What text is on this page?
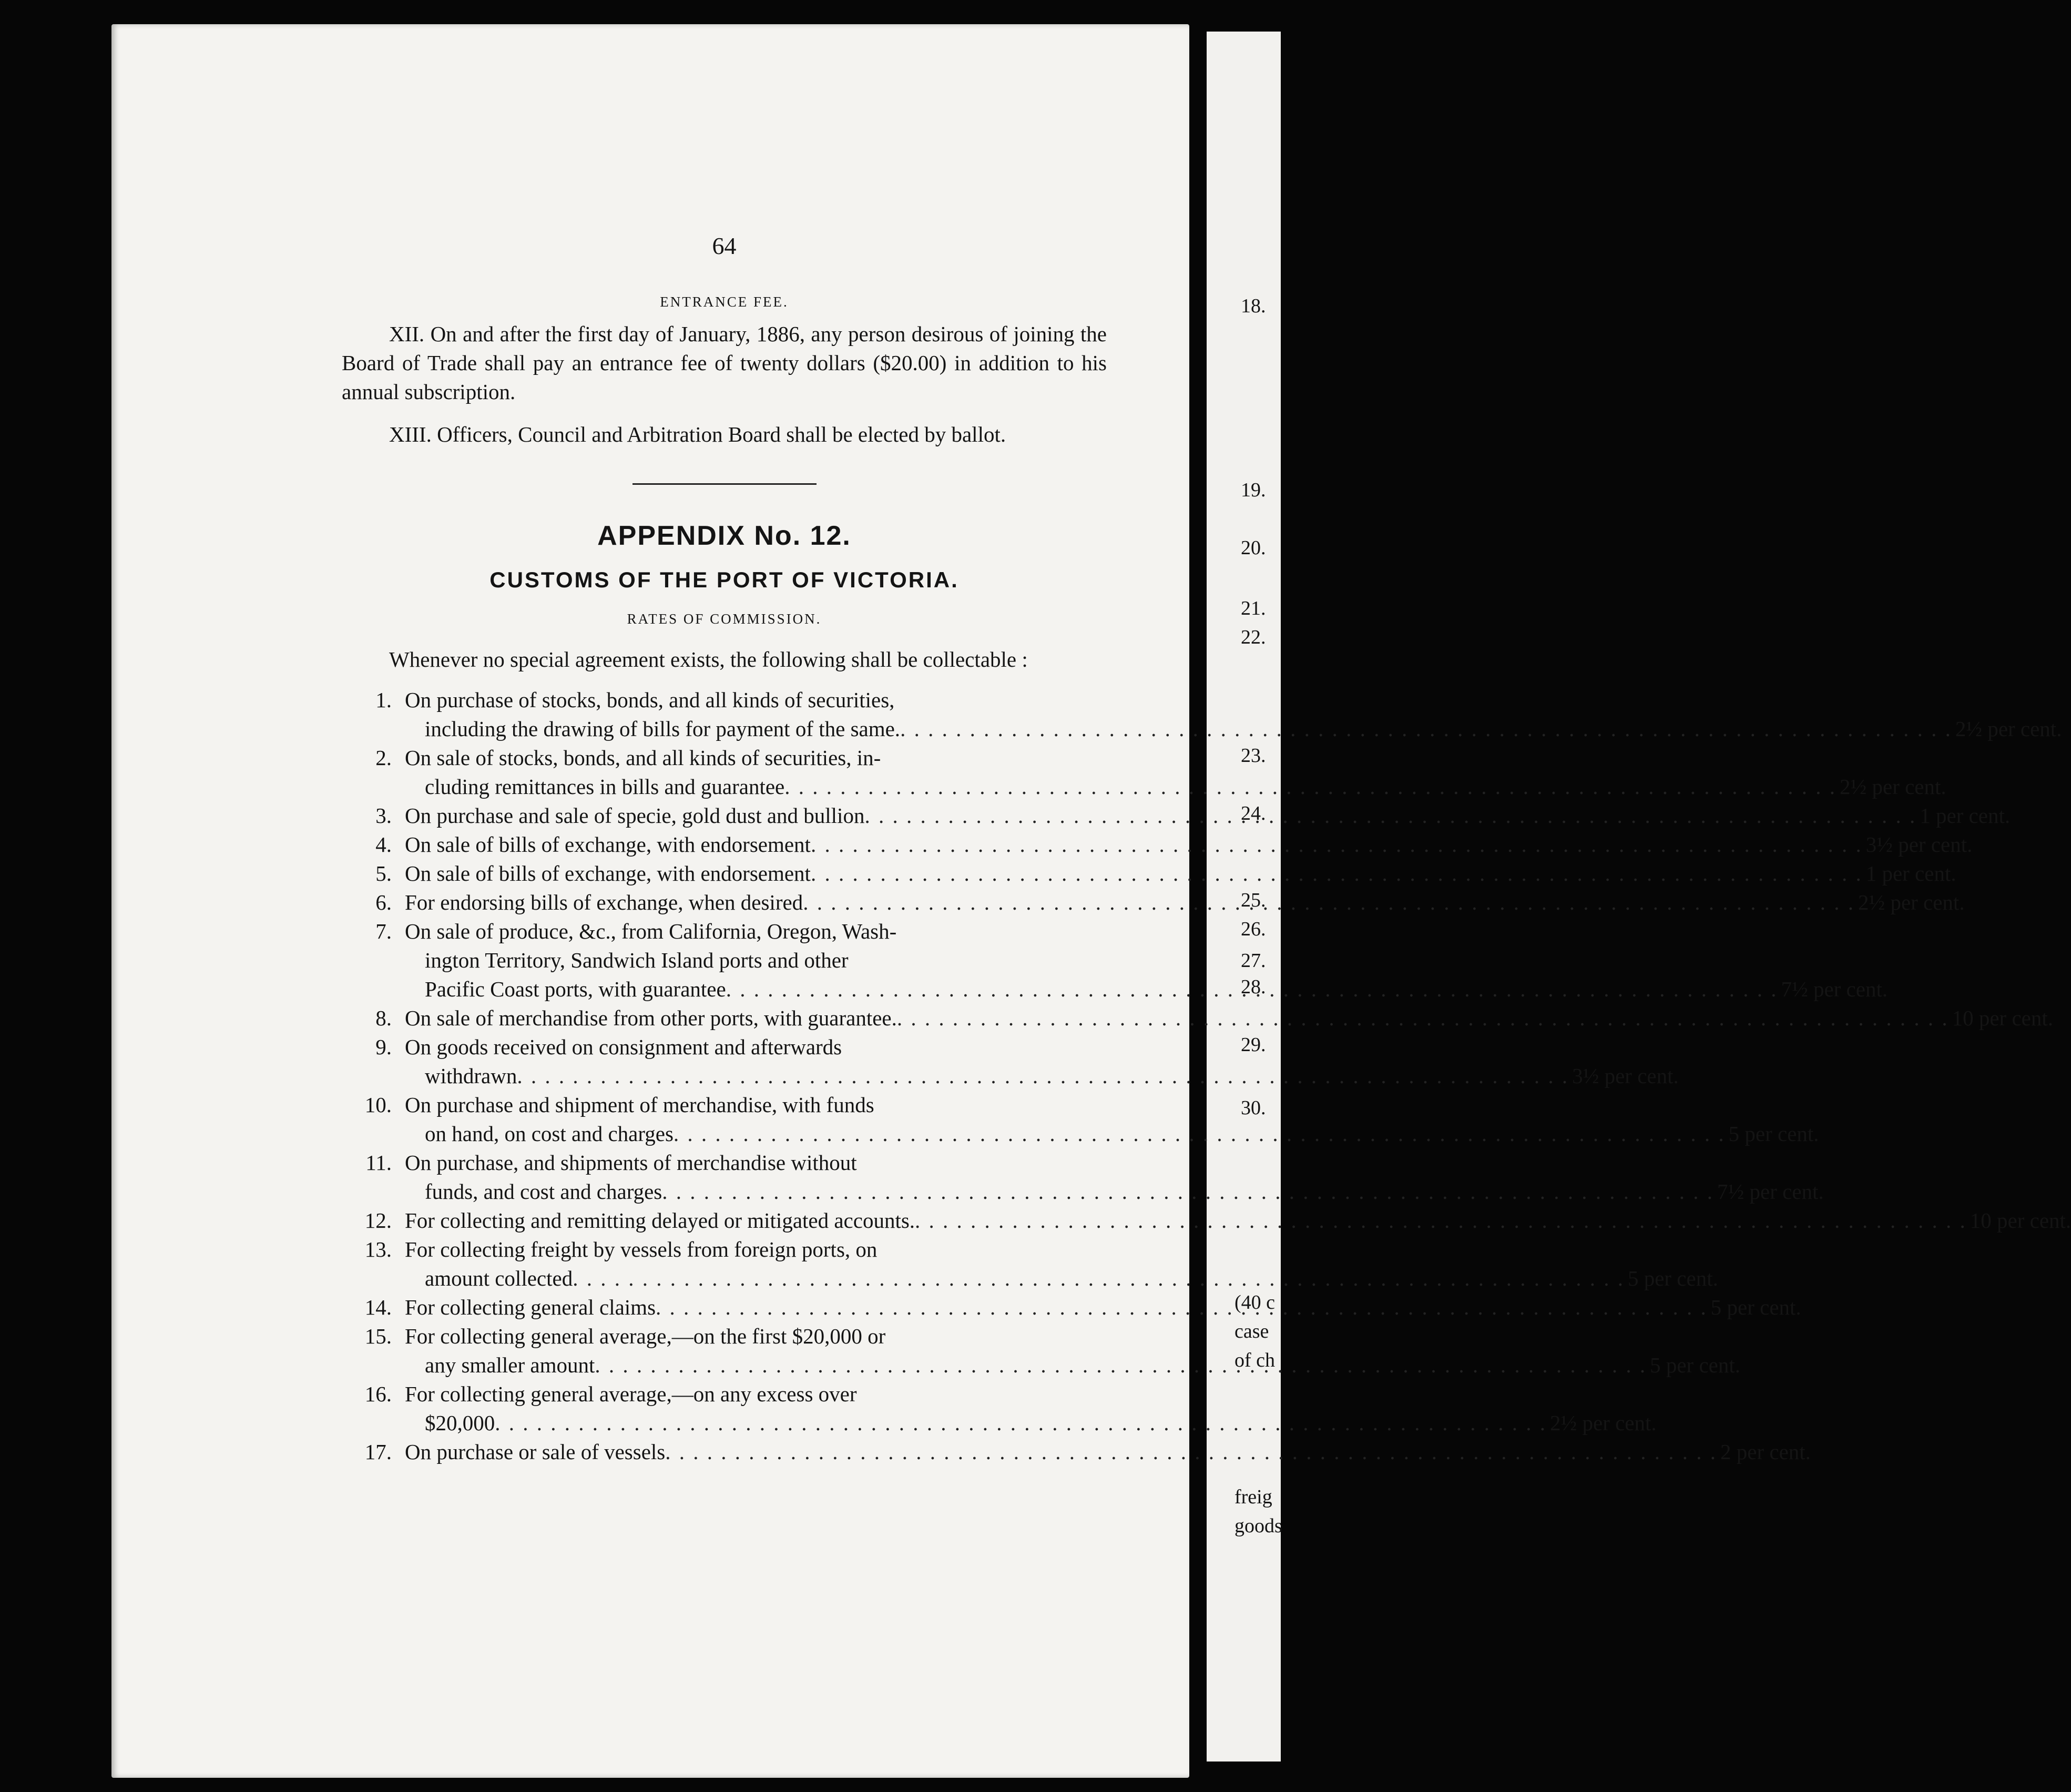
64
ENTRANCE FEE.

XII. On and after the first day of January, 1886, any person desirous of joining the Board of Trade shall pay an entrance fee of twenty dollars ($20.00) in addition to his annual subscription.

XIII. Officers, Council and Arbitration Board shall be elected by ballot.

APPENDIX No. 12.
CUSTOMS OF THE PORT OF VICTORIA.
RATES OF COMMISSION.

Whenever no special agreement exists, the following shall be collectable :

1. On purchase of stocks, bonds, and all kinds of securities,
including the drawing of bills for payment of the same. . . .	2½ per cent.
2. On sale of stocks, bonds, and all kinds of securities, in-
cluding remittances in bills and guarantee . . .	2½ per cent.
3. On purchase and sale of specie, gold dust and bullion . . .	1 per cent.
4. On sale of bills of exchange, with endorsement . . .	3½ per cent.
5. On sale of bills of exchange, with endorsement . . .	1 per cent.
6. For endorsing bills of exchange, when desired . . .	2½ per cent.
7. On sale of produce, &c., from California, Oregon, Wash-
ington Territory, Sandwich Island ports and other
Pacific Coast ports, with guarantee . . .	7½ per cent.
8. On sale of merchandise from other ports, with guarantee. . . .	10 per cent.
9. On goods received on consignment and afterwards
withdrawn . . .	3½ per cent.
10. On purchase and shipment of merchandise, with funds
on hand, on cost and charges . . .	5 per cent.
11. On purchase, and shipments of merchandise without
funds, and cost and charges . . .	7½ per cent.
12. For collecting and remitting delayed or mitigated accounts. . . .	10 per cent.
13. For collecting freight by vessels from foreign ports, on
amount collected . . .	5 per cent.
14. For collecting general claims . . .	5 per cent.
15. For collecting general average,—on the first $20,000 or
any smaller amount . . .	5 per cent.
16. For collecting general average,—on any excess over
$20,000 . . .	2½ per cent.
17. On purchase or sale of vessels . . .	2 per cent.
18.
19.
20.
21.
22.
23.
24.
25.
26.
27.
28.
29.
30.
(40 c
case
of ch
freig
goods
